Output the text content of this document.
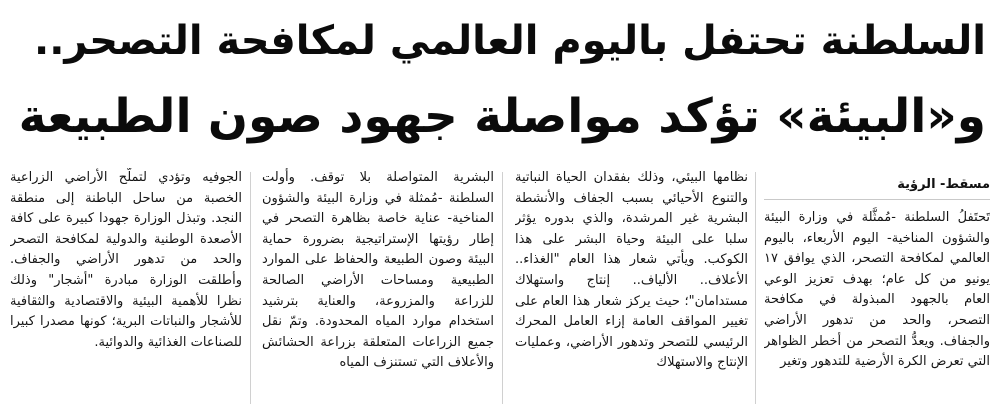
السلطنة تحتفل باليوم العالمي لمكافحة التصحر..
و«البيئة» تؤكد مواصلة جهود صون الطبيعة
تَحتَفلُ السلطنة -مُمثَّلة في وزارة البيئة والشؤون المناخية- اليوم الأربعاء، باليوم العالمي لمكافحة التصحر، الذي يوافق ١٧ يونيو من كل عام؛ بهدف تعزيز الوعي العام بالجهود المبذولة في مكافحة التصحر، والحد من تدهور الأراضي والجفاف. ويعدُّ التصحر من أخطر الظواهر التي تعرض الكرة الأرضية للتدهور وتغير

نظامها البيئي، وذلك بفقدان الحياة النباتية والتنوع الأحيائي بسبب الجفاف والأنشطة البشرية غير المرشدة، والذي بدوره يؤثر سلبا على البيئة وحياة البشر على هذا الكوكب. ويأتي شعار هذا العام "الغذاء.. الأعلاف.. الألياف.. إنتاج واستهلاك مستدامان"؛ حيث يركز شعار هذا العام على تغيير المواقف العامة إزاء العامل المحرك الرئيسي للتصحر وتدهور الأراضي، وعمليات الإنتاج والاستهلاك

البشرية المتواصلة بلا توقف. وأولت السلطنة -مُمثلة في وزارة البيئة والشؤون المناخية- عناية خاصة بظاهرة التصحر في إطار رؤيتها الإستراتيجية بضرورة حماية البيئة وصون الطبيعة والحفاظ على الموارد الطبيعية ومساحات الأراضي الصالحة للزراعة والمزروعة، والعناية بترشيد استخدام موارد المياه المحدودة. وتمّ نقل جميع الزراعات المتعلقة بزراعة الحشائش والأعلاف التي تستنزف المياه

الجوفيه وتؤدي لتملُّح الأراضي الزراعية الخصبة من ساحل الباطنة إلى منطقة النجد. وتبذل الوزارة جهودا كبيرة على كافة الأصعدة الوطنية والدولية لمكافحة التصحر والحد من تدهور الأراضي والجفاف. وأطلقت الوزارة مبادرة "أشجار" وذلك نظرا للأهمية البيئية والاقتصادية والثقافية للأشجار والنباتات البرية؛ كونها مصدرا كبيرا للصناعات الغذائية والدوائية.

مسقط- الرؤية
